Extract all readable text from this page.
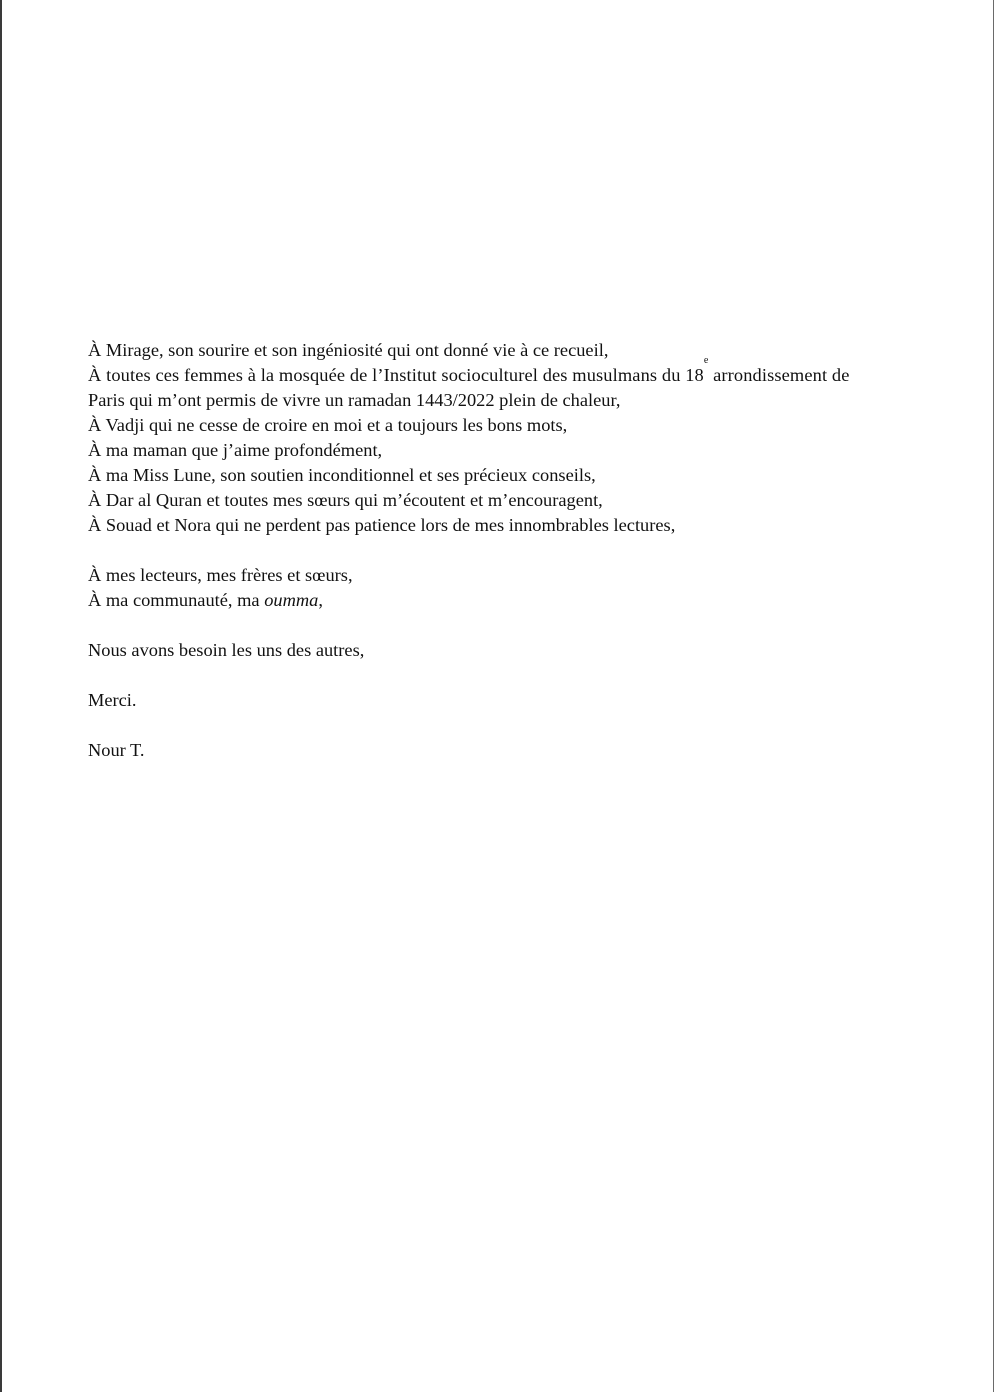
À Mirage, son sourire et son ingéniosité qui ont donné vie à ce recueil,
À toutes ces femmes à la mosquée de l’Institut socioculturel des musulmans du 18e arrondissement de
Paris qui m’ont permis de vivre un ramadan 1443/2022 plein de chaleur,
À Vadji qui ne cesse de croire en moi et a toujours les bons mots,
À ma maman que j’aime profondément,
À ma Miss Lune, son soutien inconditionnel et ses précieux conseils,
À Dar al Quran et toutes mes sœurs qui m’écoutent et m’encouragent,
À Souad et Nora qui ne perdent pas patience lors de mes innombrables lectures,
À mes lecteurs, mes frères et sœurs,
À ma communauté, ma oumma,
Nous avons besoin les uns des autres,
Merci.
Nour T.
